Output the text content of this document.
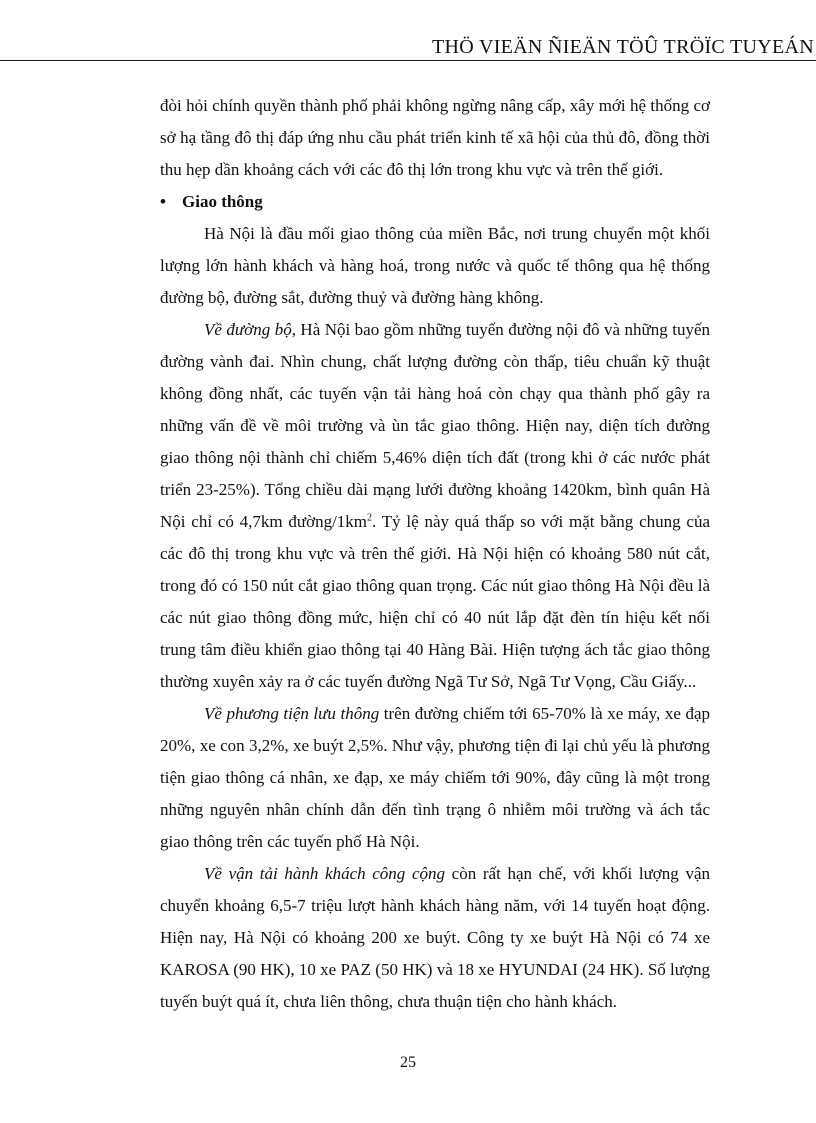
THÖ VIEÄN ÑIEÄN TÖÛ TRÖÏC TUYEÁN

đòi hỏi chính quyền thành phố phải không ngừng nâng cấp, xây mới hệ thống cơ sở hạ tầng đô thị đáp ứng nhu cầu phát triển kinh tế xã hội của thủ đô, đồng thời thu hẹp dần khoảng cách với các đô thị lớn trong khu vực và trên thế giới.

• Giao thông

Hà Nội là đầu mối giao thông của miền Bắc, nơi trung chuyển một khối lượng lớn hành khách và hàng hoá, trong nước và quốc tế thông qua hệ thống đường bộ, đường sắt, đường thuỷ và đường hàng không.

Về đường bộ, Hà Nội bao gồm những tuyến đường nội đô và những tuyến đường vành đai. Nhìn chung, chất lượng đường còn thấp, tiêu chuẩn kỹ thuật không đồng nhất, các tuyến vận tải hàng hoá còn chạy qua thành phố gây ra những vấn đề về môi trường và ùn tắc giao thông. Hiện nay, diện tích đường giao thông nội thành chỉ chiếm 5,46% diện tích đất (trong khi ở các nước phát triển 23-25%). Tổng chiều dài mạng lưới đường khoảng 1420km, bình quân Hà Nội chỉ có 4,7km đường/$1km^2$. Tỷ lệ này quá thấp so với mặt bằng chung của các đô thị trong khu vực và trên thế giới. Hà Nội hiện có khoảng 580 nút cắt, trong đó có 150 nút cắt giao thông quan trọng. Các nút giao thông Hà Nội đều là các nút giao thông đồng mức, hiện chỉ có 40 nút lắp đặt đèn tín hiệu kết nối trung tâm điều khiển giao thông tại 40 Hàng Bài. Hiện tượng ách tắc giao thông thường xuyên xảy ra ở các tuyến đường Ngã Tư Sở, Ngã Tư Vọng, Cầu Giấy...

Về phương tiện lưu thông trên đường chiếm tới 65-70% là xe máy, xe đạp 20%, xe con 3,2%, xe buýt 2,5%. Như vậy, phương tiện đi lại chủ yếu là phương tiện giao thông cá nhân, xe đạp, xe máy chiếm tới 90%, đây cũng là một trong những nguyên nhân chính dẫn đến tình trạng ô nhiễm môi trường và ách tắc giao thông trên các tuyến phố Hà Nội.

Về vận tải hành khách công cộng còn rất hạn chế, với khối lượng vận chuyển khoảng 6,5-7 triệu lượt hành khách hàng năm, với 14 tuyến hoạt động. Hiện nay, Hà Nội có khoảng 200 xe buýt. Công ty xe buýt Hà Nội có 74 xe KAROSA (90 HK), 10 xe PAZ (50 HK) và 18 xe HYUNDAI (24 HK). Số lượng tuyến buýt quá ít, chưa liên thông, chưa thuận tiện cho hành khách.

25
